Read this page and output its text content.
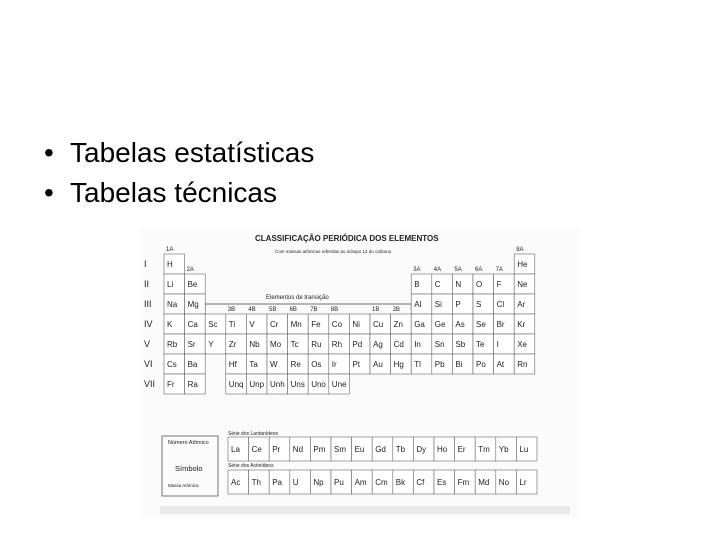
• Tabelas estatísticas
• Tabelas técnicas
CLASSIFICAÇÃO PERIÓDICA DOS ELEMENTOS
Com massas atômicas referidas ao isótopo 12 do carbono
Elementos de transição
Série dos Lantanídeos
Série dos Actinídeos
Número Atômico
Símbolo
Massa Atômica
1A
2A
3B 4B 5B 6B 7B 8B	1B 2B
3A 4A 5A 6A 7A
8A
I
II
III
IV
V
VI
VII
H	He
Li Be	B C N O F Ne
Na Mg	Al Si P S Cl Ar
K Ca Sc Ti V Cr Mn Fe Co Ni Cu Zn Ga Ge As Se Br Kr
Rb Sr Y Zr Nb Mo Tc Ru Rh Pd Ag Cd In Sn Sb Te I Xe
Cs Ba	Hf Ta W Re Os Ir Pt Au Hg Tl Pb Bi Po At Rn
Fr Ra	Unq Unp Unh Uns Uno Une
La Ce Pr Nd Pm Sm Eu Gd Tb Dy Ho Er Tm Yb Lu
Ac Th Pa U Np Pu Am Cm Bk Cf Es Fm Md No Lr
